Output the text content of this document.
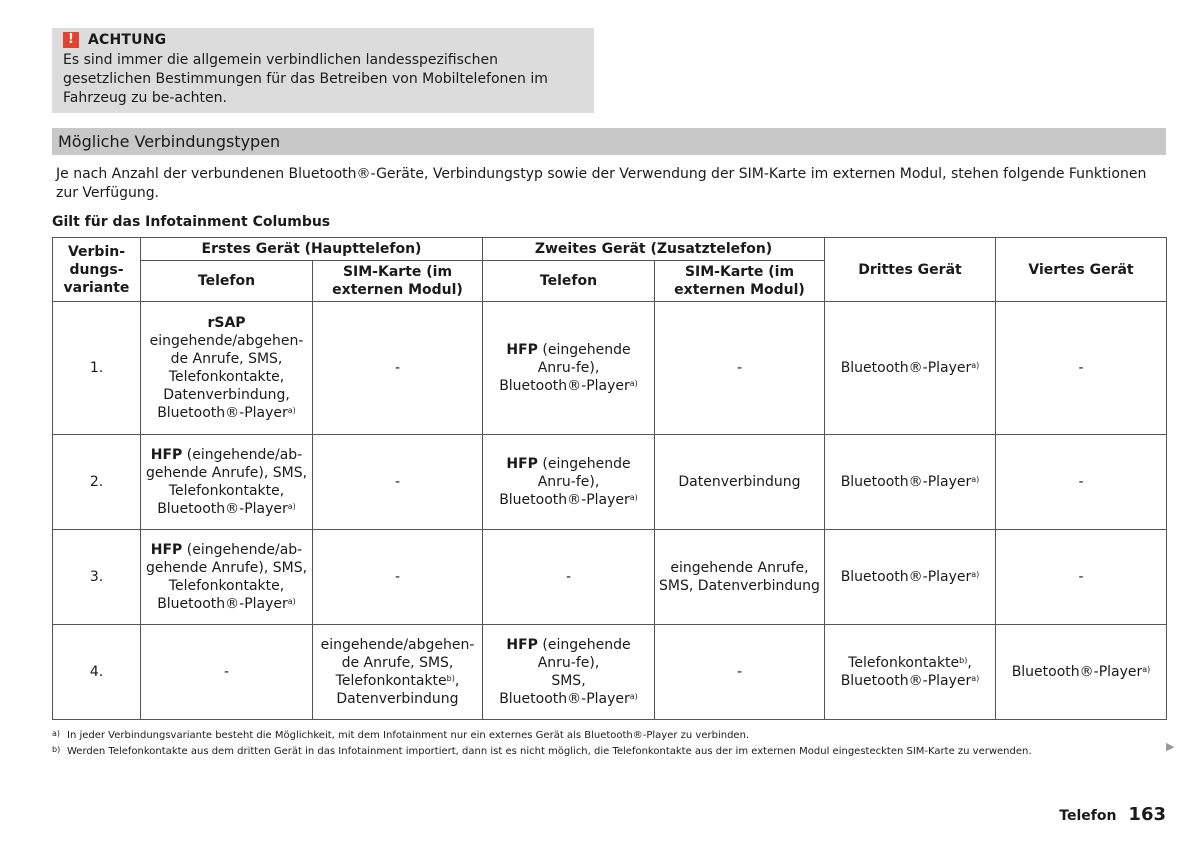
!	ACHTUNG
Es sind immer die allgemein verbindlichen landesspezifischen gesetzlichen Bestimmungen für das Betreiben von Mobiltelefonen im Fahrzeug zu be-achten.
Mögliche Verbindungstypen
Je nach Anzahl der verbundenen Bluetooth®-Geräte, Verbindungstyp sowie der Verwendung der SIM-Karte im externen Modul, stehen folgende Funktionen zur Verfügung.
Gilt für das Infotainment Columbus
Verbin-dungs-variante	Erstes Gerät (Haupttelefon)		Zweites Gerät (Zusatztelefon)		Drittes Gerät	Viertes Gerät
	Telefon	SIM-Karte (im externen Modul)	Telefon	SIM-Karte (im externen Modul)		
1.	rSAP
eingehende/abgehen-de Anrufe, SMS, Telefonkontakte, Datenverbindung, Bluetooth®-Player$^{a)}$	-	HFP (eingehende Anru-fe),
Bluetooth®-Player$^{a)}$	-	Bluetooth®-Player$^{a)}$	-
2.	HFP (eingehende/ab-gehende Anrufe), SMS, Telefonkontakte, Bluetooth®-Player$^{a)}$	-	HFP (eingehende Anru-fe),
Bluetooth®-Player$^{a)}$	Datenverbindung	Bluetooth®-Player$^{a)}$	-
3.	HFP (eingehende/ab-gehende Anrufe), SMS, Telefonkontakte, Bluetooth®-Player$^{a)}$	-	-	eingehende Anrufe, SMS, Datenverbindung	Bluetooth®-Player$^{a)}$	-
4.	-	eingehende/abgehen-de Anrufe, SMS, Telefonkontakte$^{b)}$,
Datenverbindung	HFP (eingehende Anru-fe),
SMS,
Bluetooth®-Player$^{a)}$	-	Telefonkontakte$^{b)}$,
Bluetooth®-Player$^{a)}$	Bluetooth®-Player$^{a)}$
a) In jeder Verbindungsvariante besteht die Möglichkeit, mit dem Infotainment nur ein externes Gerät als Bluetooth®-Player zu verbinden.
b) Werden Telefonkontakte aus dem dritten Gerät in das Infotainment importiert, dann ist es nicht möglich, die Telefonkontakte aus der im externen Modul eingesteckten SIM-Karte zu verwenden.	▶
Telefon 163
